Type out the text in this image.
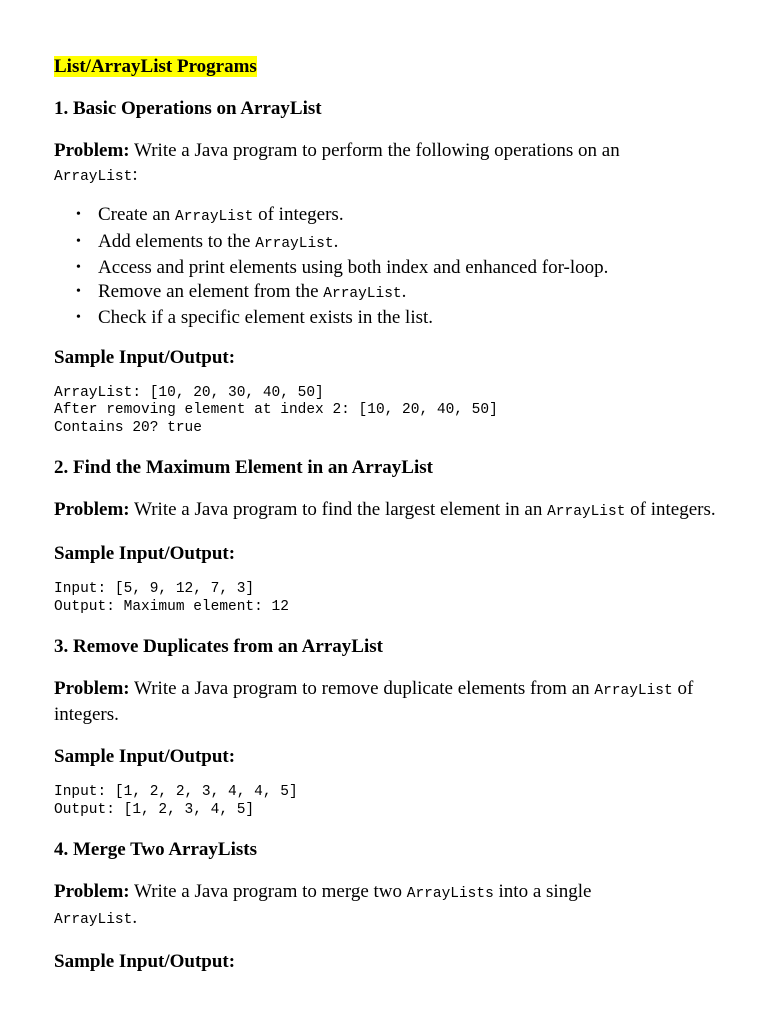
List/ArrayList Programs
1. Basic Operations on ArrayList

Problem: Write a Java program to perform the following operations on an
ArrayList:

• Create an ArrayList of integers.
• Add elements to the ArrayList.
• Access and print elements using both index and enhanced for-loop.
• Remove an element from the ArrayList.
• Check if a specific element exists in the list.
Sample Input/Output:
ArrayList: [10, 20, 30, 40, 50]
After removing element at index 2: [10, 20, 40, 50]
Contains 20? true
2. Find the Maximum Element in an ArrayList

Problem: Write a Java program to find the largest element in an ArrayList of integers.

Sample Input/Output:
Input: [5, 9, 12, 7, 3]
Output: Maximum element: 12
3. Remove Duplicates from an ArrayList

Problem: Write a Java program to remove duplicate elements from an ArrayList of integers.

Sample Input/Output:
Input: [1, 2, 2, 3, 4, 4, 5]
Output: [1, 2, 3, 4, 5]
4. Merge Two ArrayLists

Problem: Write a Java program to merge two ArrayLists into a single
ArrayList.

Sample Input/Output:
